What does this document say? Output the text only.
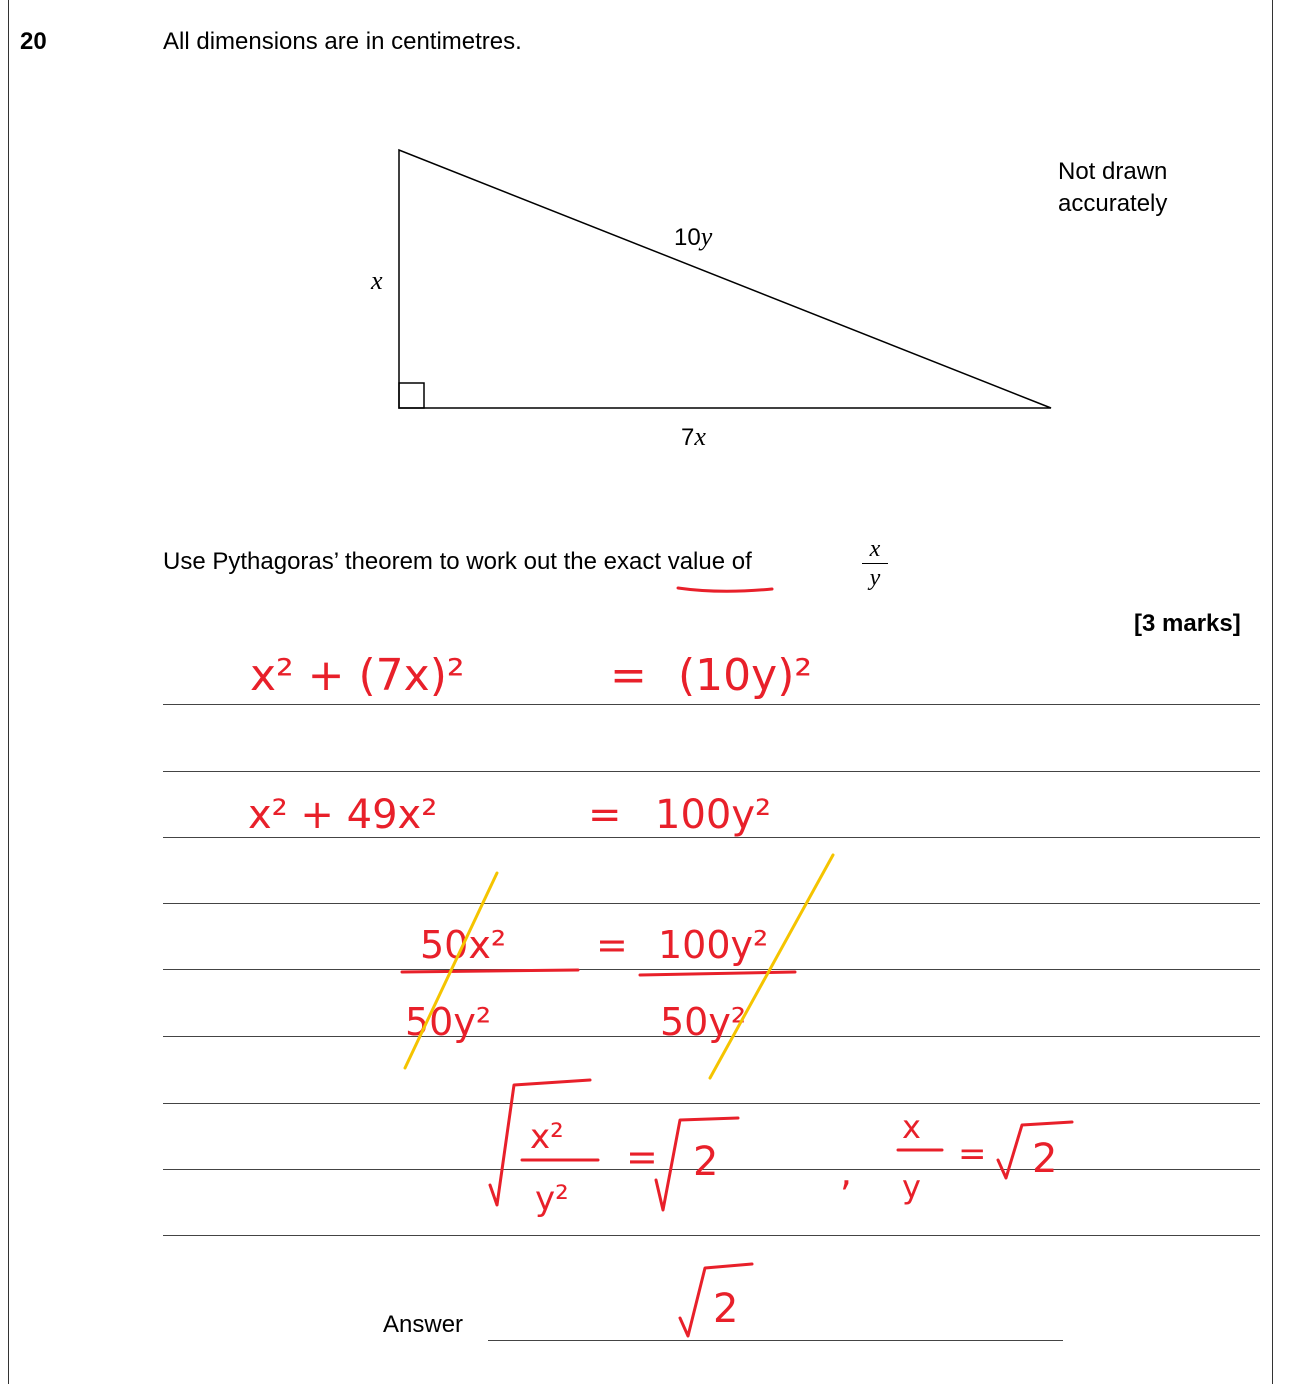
20	All dimensions are in centimetres.
x
10y
7x
Not drawn
accurately
Use Pythagoras’ theorem to work out the exact value of	x
y
[3 marks]
Answer
x² + (7x)²	= (10y)²
x² + 49x²	= 100y²
50x²
50y²
= 100y²
50y²
x²
y²
= 2	,
x
y
= 2
2
